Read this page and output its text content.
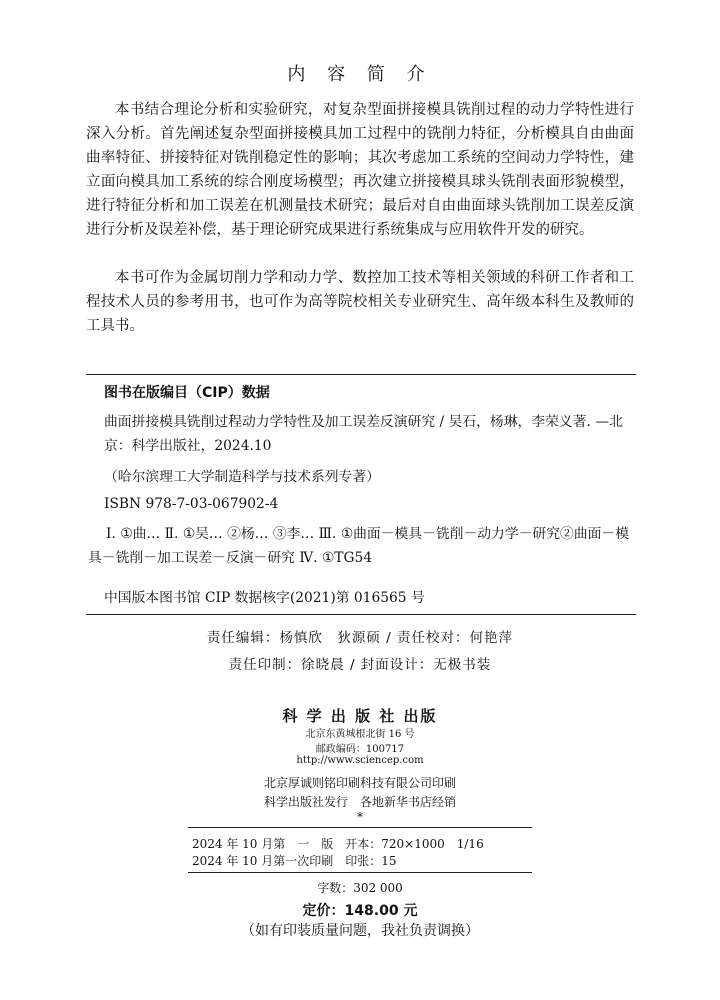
内 容 简 介
本书结合理论分析和实验研究，对复杂型面拼接模具铣削过程的动力学特性进行深入分析。首先阐述复杂型面拼接模具加工过程中的铣削力特征，分析模具自由曲面曲率特征、拼接特征对铣削稳定性的影响；其次考虑加工系统的空间动力学特性，建立面向模具加工系统的综合刚度场模型；再次建立拼接模具球头铣削表面形貌模型，进行特征分析和加工误差在机测量技术研究；最后对自由曲面球头铣削加工误差反演进行分析及误差补偿，基于理论研究成果进行系统集成与应用软件开发的研究。
本书可作为金属切削力学和动力学、数控加工技术等相关领域的科研工作者和工程技术人员的参考用书，也可作为高等院校相关专业研究生、高年级本科生及教师的工具书。
图书在版编目（CIP）数据
曲面拼接模具铣削过程动力学特性及加工误差反演研究 / 吴石，杨琳，李荣义著. —北京：科学出版社，2024.10
（哈尔滨理工大学制造科学与技术系列专著）
ISBN 978-7-03-067902-4
Ⅰ. ①曲… Ⅱ. ①吴… ②杨… ③李… Ⅲ. ①曲面－模具－铣削－动力学－研究②曲面－模具－铣削－加工误差－反演－研究 Ⅳ. ①TG54
中国版本图书馆 CIP 数据核字(2021)第 016565 号
责任编辑：杨慎欣　狄源硕 / 责任校对：何艳萍
责任印制：徐晓晨 / 封面设计：无极书装
科 学 出 版 社 出版
北京东黄城根北街 16 号
邮政编码：100717
http://www.sciencep.com
北京厚诚则铭印刷科技有限公司印刷
科学出版社发行　各地新华书店经销
*
2024 年 10 月第　一　版　开本：720×1000　1/16
2024 年 10 月第一次印刷　印张：15
字数：302 000
定价：148.00 元
（如有印装质量问题，我社负责调换）
